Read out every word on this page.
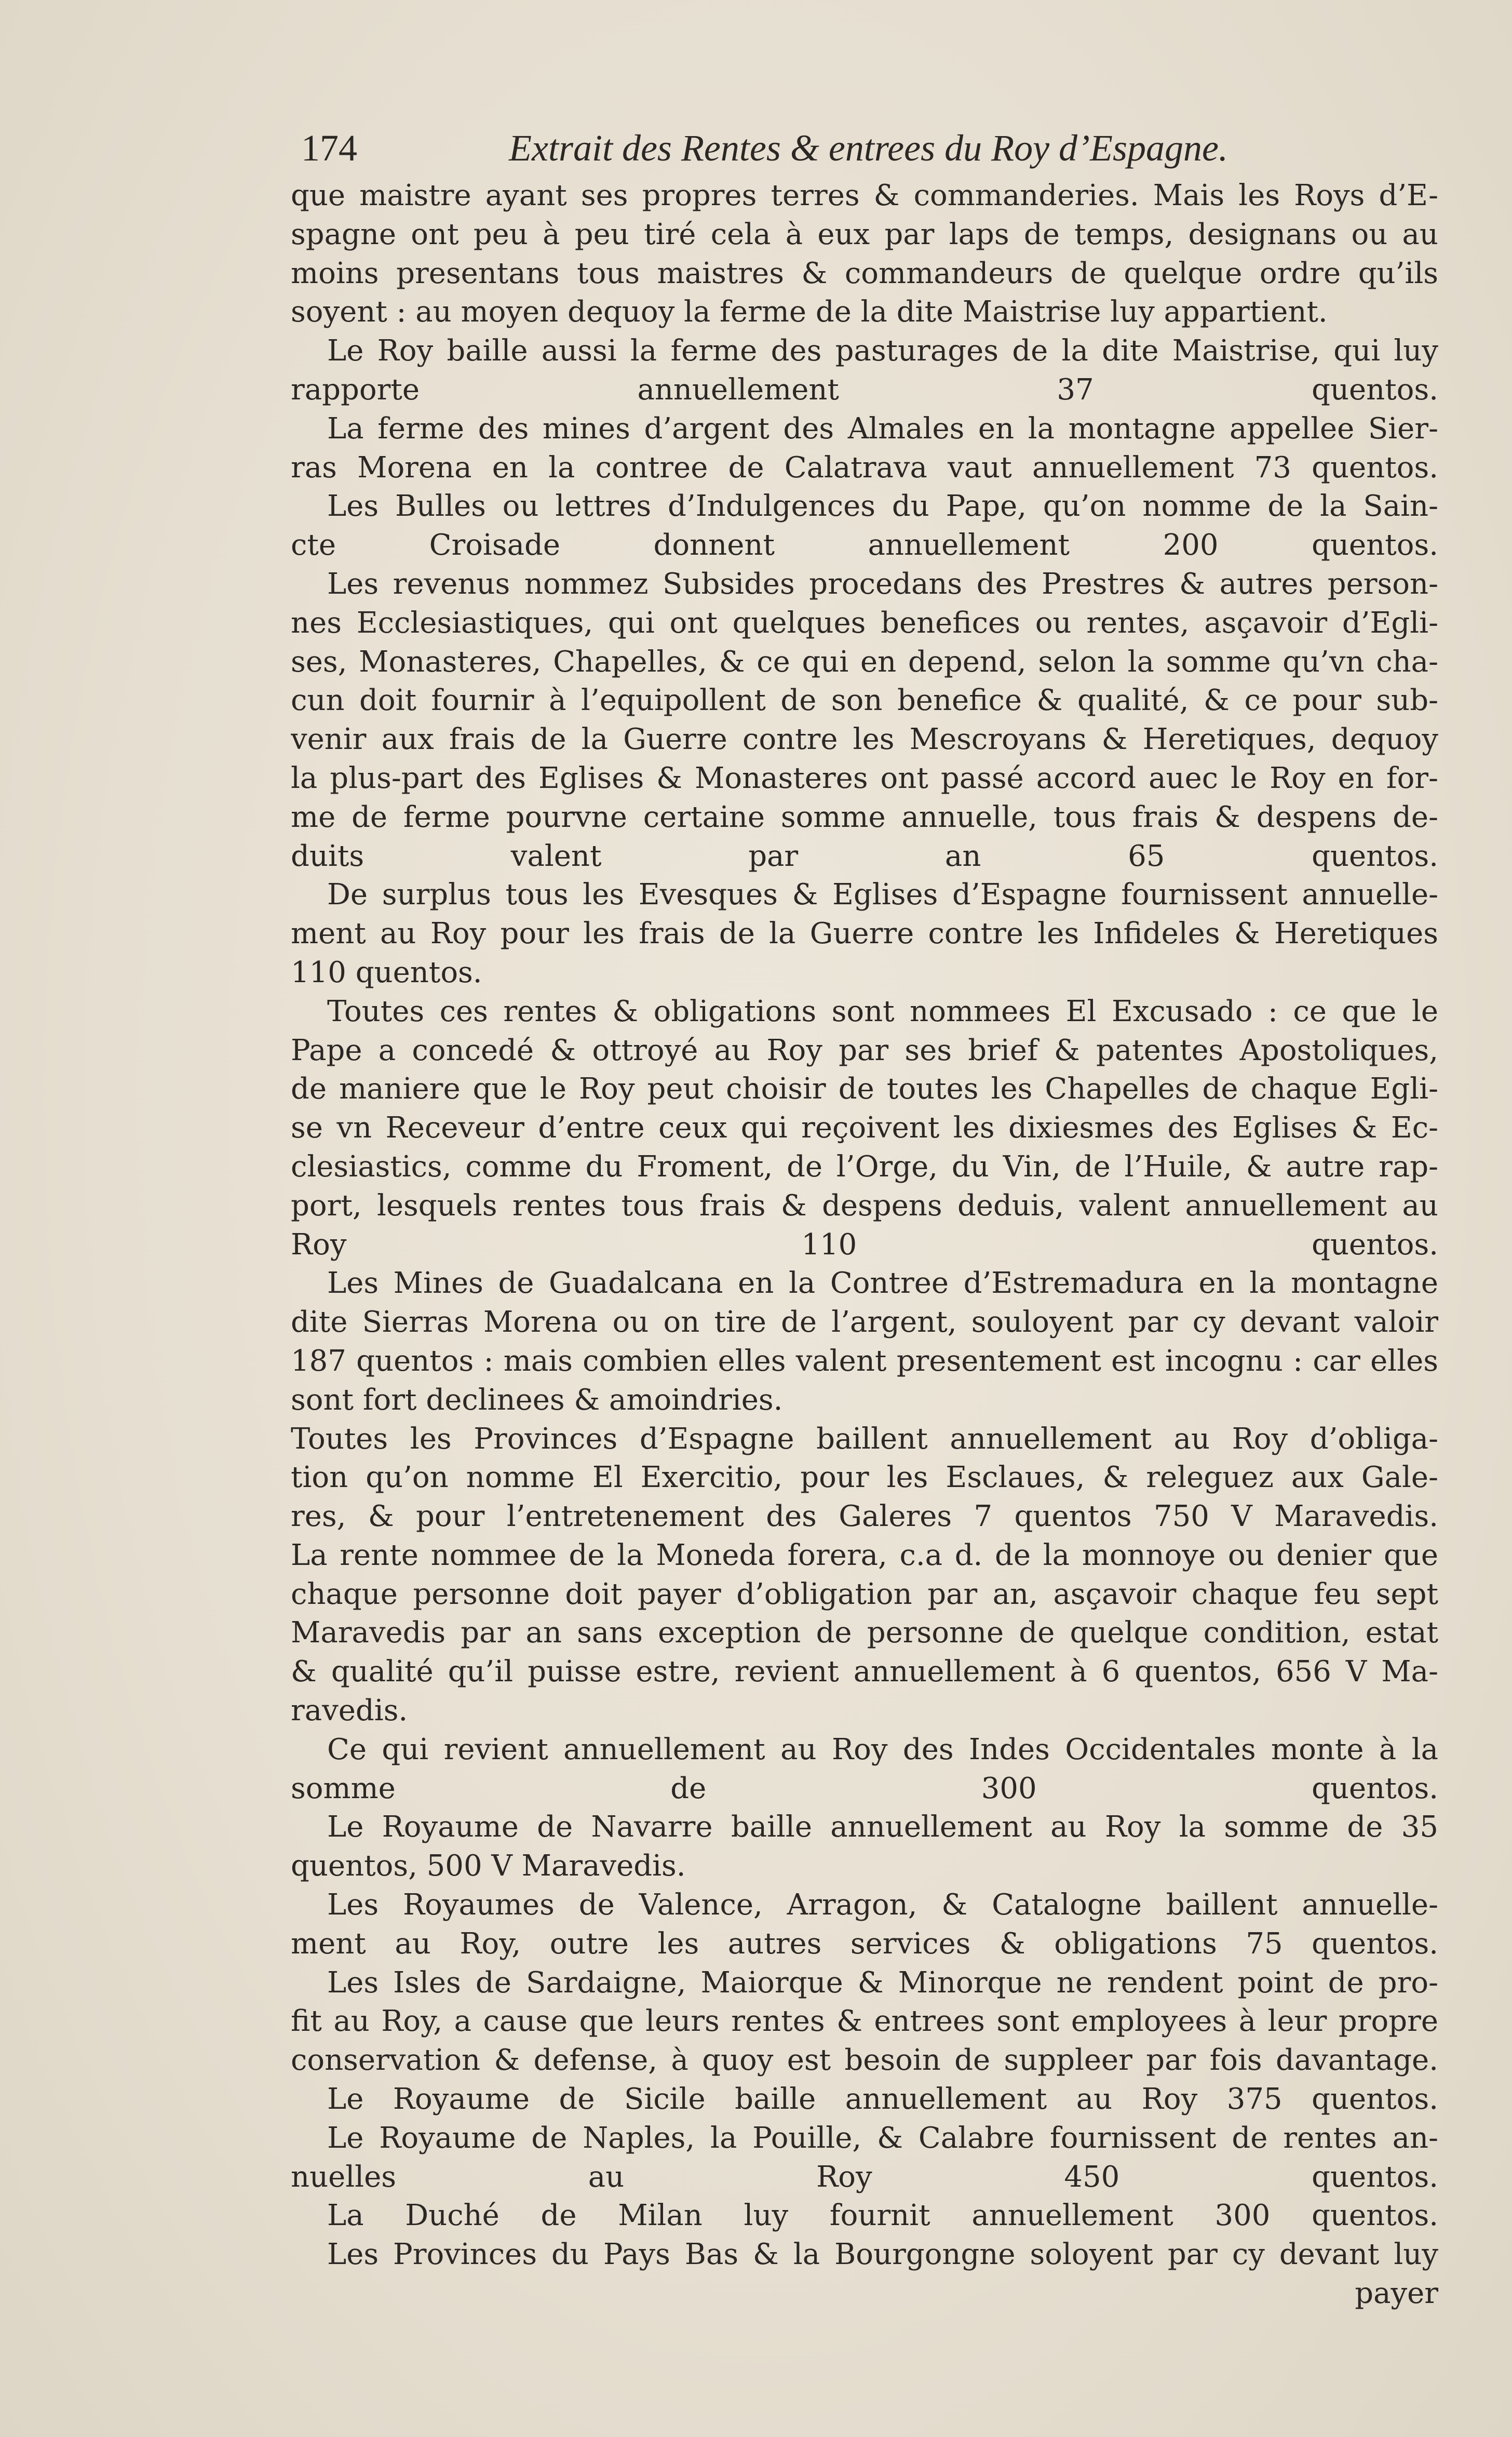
174	Extrait des Rentes & entrees du Roy d’Espagne.
que maistre ayant ses propres terres & commanderies. Mais les Roys d’E-
spagne ont peu à peu tiré cela à eux par laps de temps, designans ou au
moins presentans tous maistres & commandeurs de quelque ordre qu’ils
soyent : au moyen dequoy la ferme de la dite Maistrise luy appartient.
Le Roy baille aussi la ferme des pasturages de la dite Maistrise, qui luy
rapporte annuellement 37 quentos.
La ferme des mines d’argent des Almales en la montagne appellee Sier-
ras Morena en la contree de Calatrava vaut annuellement 73 quentos.
Les Bulles ou lettres d’Indulgences du Pape, qu’on nomme de la Sain-
cte Croisade donnent annuellement 200 quentos.
Les revenus nommez Subsides procedans des Prestres & autres person-
nes Ecclesiastiques, qui ont quelques benefices ou rentes, asçavoir d’Egli-
ses, Monasteres, Chapelles, & ce qui en depend, selon la somme qu’vn cha-
cun doit fournir à l’equipollent de son benefice & qualité, & ce pour sub-
venir aux frais de la Guerre contre les Mescroyans & Heretiques, dequoy
la plus-part des Eglises & Monasteres ont passé accord auec le Roy en for-
me de ferme pourvne certaine somme annuelle, tous frais & despens de-
duits valent par an 65 quentos.
De surplus tous les Evesques & Eglises d’Espagne fournissent annuelle-
ment au Roy pour les frais de la Guerre contre les Infideles & Heretiques
110 quentos.
Toutes ces rentes & obligations sont nommees El Excusado : ce que le
Pape a concedé & ottroyé au Roy par ses brief & patentes Apostoliques,
de maniere que le Roy peut choisir de toutes les Chapelles de chaque Egli-
se vn Receveur d’entre ceux qui reçoivent les dixiesmes des Eglises & Ec-
clesiastics, comme du Froment, de l’Orge, du Vin, de l’Huile, & autre rap-
port, lesquels rentes tous frais & despens deduis, valent annuellement au
Roy 110 quentos.
Les Mines de Guadalcana en la Contree d’Estremadura en la montagne
dite Sierras Morena ou on tire de l’argent, souloyent par cy devant valoir
187 quentos : mais combien elles valent presentement est incognu : car elles
sont fort declinees & amoindries.
Toutes les Provinces d’Espagne baillent annuellement au Roy d’obliga-
tion qu’on nomme El Exercitio, pour les Esclaues, & releguez aux Gale-
res, & pour l’entretenement des Galeres 7 quentos 750 V Maravedis.
La rente nommee de la Moneda forera, c.a d. de la monnoye ou denier que
chaque personne doit payer d’obligation par an, asçavoir chaque feu sept
Maravedis par an sans exception de personne de quelque condition, estat
& qualité qu’il puisse estre, revient annuellement à 6 quentos, 656 V Ma-
ravedis.
Ce qui revient annuellement au Roy des Indes Occidentales monte à la
somme de 300 quentos.
Le Royaume de Navarre baille annuellement au Roy la somme de 35
quentos, 500 V Maravedis.
Les Royaumes de Valence, Arragon, & Catalogne baillent annuelle-
ment au Roy, outre les autres services & obligations 75 quentos.
Les Isles de Sardaigne, Maiorque & Minorque ne rendent point de pro-
fit au Roy, a cause que leurs rentes & entrees sont employees à leur propre
conservation & defense, à quoy est besoin de suppleer par fois davantage.
Le Royaume de Sicile baille annuellement au Roy 375 quentos.
Le Royaume de Naples, la Pouille, & Calabre fournissent de rentes an-
nuelles au Roy 450 quentos.
La Duché de Milan luy fournit annuellement 300 quentos.
Les Provinces du Pays Bas & la Bourgongne soloyent par cy devant luy
payer
